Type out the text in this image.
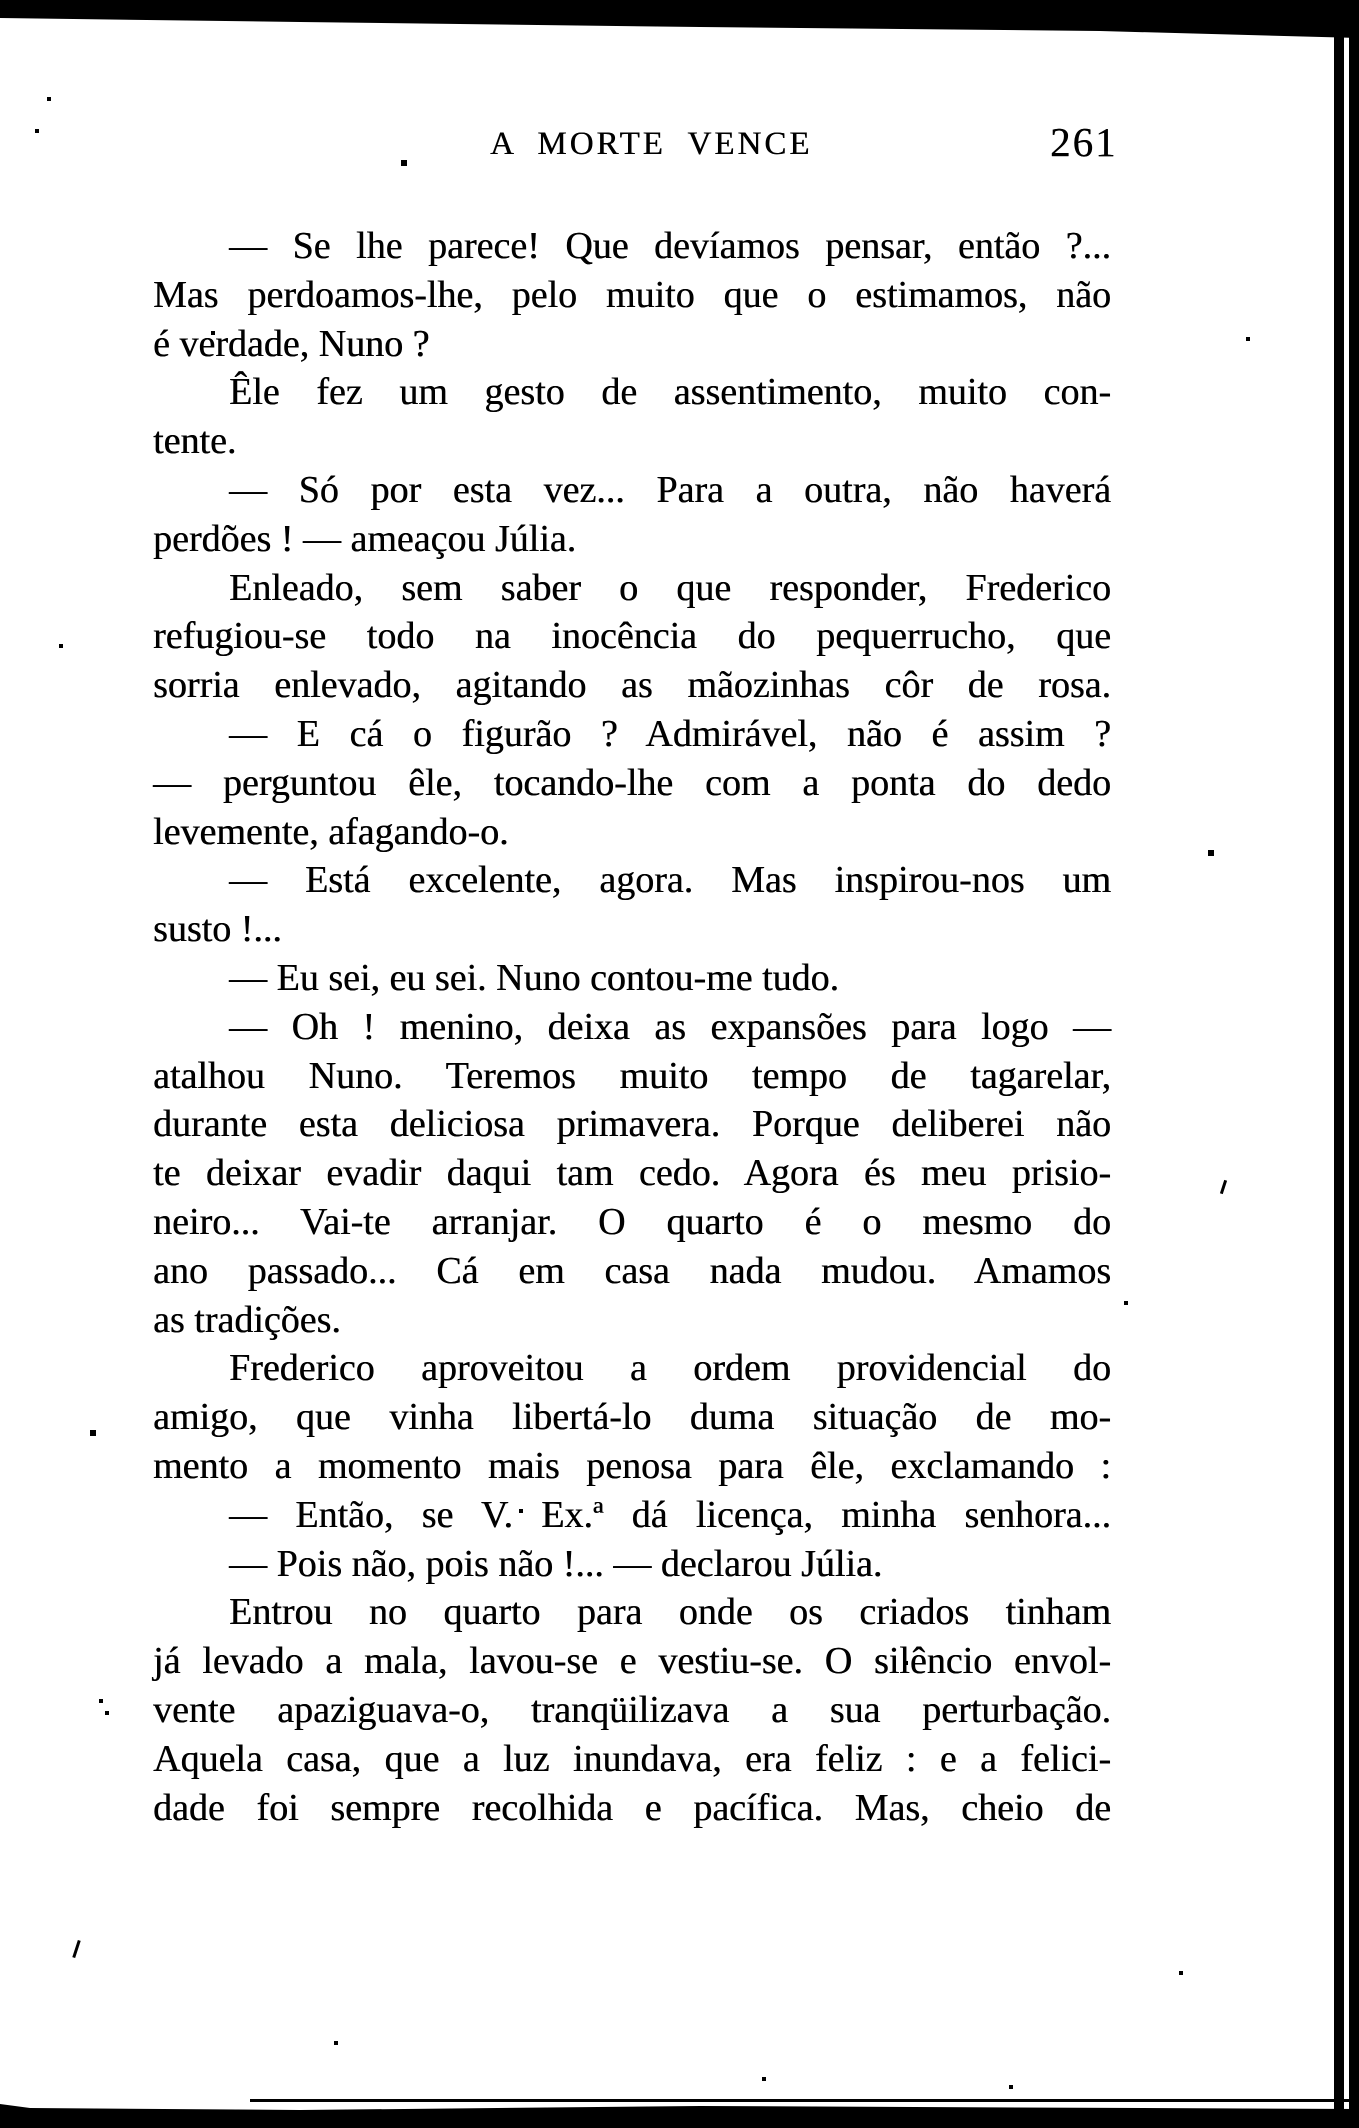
A MORTE VENCE	261
— Se lhe parece! Que devíamos pensar, então ?...
Mas perdoamos-lhe, pelo muito que o estimamos, não
é verdade, Nuno ?
Êle fez um gesto de assentimento, muito con-
tente.
— Só por esta vez... Para a outra, não haverá
perdões ! — ameaçou Júlia.
Enleado, sem saber o que responder, Frederico
refugiou-se todo na inocência do pequerrucho, que
sorria enlevado, agitando as mãozinhas côr de rosa.
— E cá o figurão ? Admirável, não é assim ?
— perguntou êle, tocando-lhe com a ponta do dedo
levemente, afagando-o.
— Está excelente, agora. Mas inspirou-nos um
susto !...
— Eu sei, eu sei. Nuno contou-me tudo.
— Oh ! menino, deixa as expansões para logo —
atalhou Nuno. Teremos muito tempo de tagarelar,
durante esta deliciosa primavera. Porque deliberei não
te deixar evadir daqui tam cedo. Agora és meu prisio-
neiro... Vai-te arranjar. O quarto é o mesmo do
ano passado... Cá em casa nada mudou. Amamos
as tradições.
Frederico aproveitou a ordem providencial do
amigo, que vinha libertá-lo duma situação de mo-
mento a momento mais penosa para êle, exclamando :
— Então, se V. Ex.ª dá licença, minha senhora...
— Pois não, pois não !... — declarou Júlia.
Entrou no quarto para onde os criados tinham
já levado a mala, lavou-se e vestiu-se. O silêncio envol-
vente apaziguava-o, tranqüilizava a sua perturbação.
Aquela casa, que a luz inundava, era feliz : e a felici-
dade foi sempre recolhida e pacífica. Mas, cheio de
